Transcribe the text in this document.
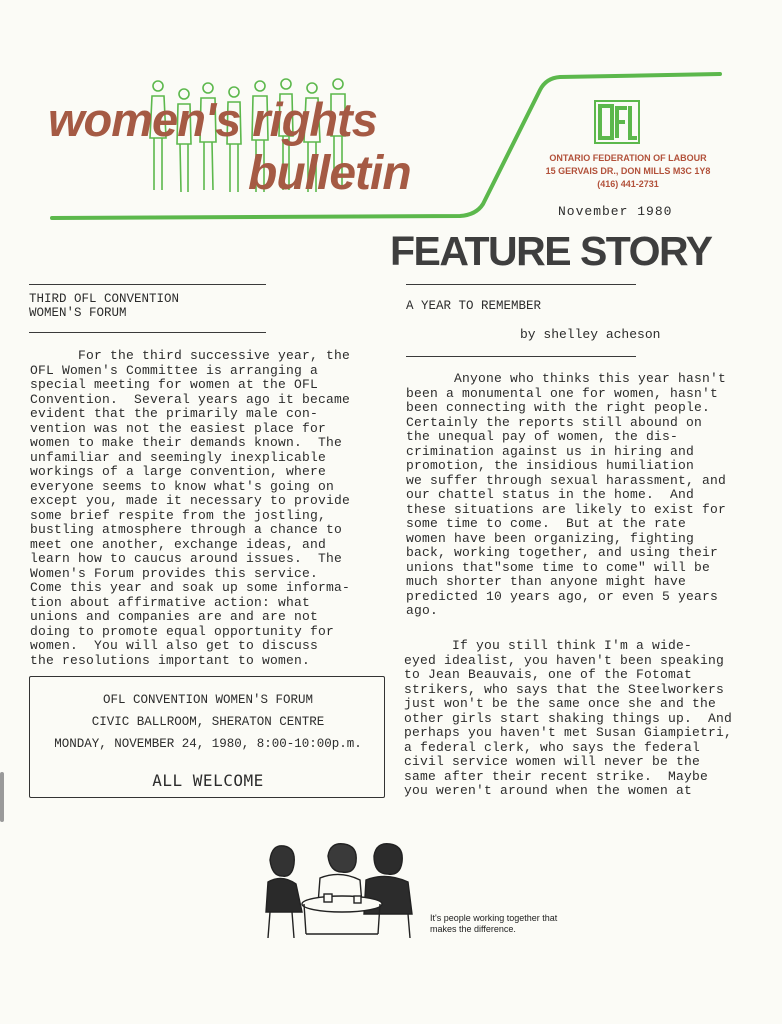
women's rights
bulletin
OFL
ONTARIO FEDERATION OF LABOUR
15 GERVAIS DR., DON MILLS M3C 1Y8
(416) 441-2731
November 1980
FEATURE STORY
THIRD OFL CONVENTION
WOMEN'S FORUM
For the third successive year, the
OFL Women's Committee is arranging a
special meeting for women at the OFL
Convention.  Several years ago it became
evident that the primarily male con-
vention was not the easiest place for
women to make their demands known.  The
unfamiliar and seemingly inexplicable
workings of a large convention, where
everyone seems to know what's going on
except you, made it necessary to provide
some brief respite from the jostling,
bustling atmosphere through a chance to
meet one another, exchange ideas, and
learn how to caucus around issues.  The
Women's Forum provides this service.
Come this year and soak up some informa-
tion about affirmative action: what
unions and companies are and are not
doing to promote equal opportunity for
women.  You will also get to discuss
the resolutions important to women.
OFL CONVENTION WOMEN'S FORUM
CIVIC BALLROOM, SHERATON CENTRE
MONDAY, NOVEMBER 24, 1980, 8:00-10:00p.m.
ALL WELCOME
A YEAR TO REMEMBER
by shelley acheson
Anyone who thinks this year hasn't
been a monumental one for women, hasn't
been connecting with the right people.
Certainly the reports still abound on
the unequal pay of women, the dis-
crimination against us in hiring and
promotion, the insidious humiliation
we suffer through sexual harassment, and
our chattel status in the home.  And
these situations are likely to exist for
some time to come.  But at the rate
women have been organizing, fighting
back, working together, and using their
unions that"some time to come" will be
much shorter than anyone might have
predicted 10 years ago, or even 5 years
ago.
If you still think I'm a wide-
eyed idealist, you haven't been speaking
to Jean Beauvais, one of the Fotomat
strikers, who says that the Steelworkers
just won't be the same once she and the
other girls start shaking things up.  And
perhaps you haven't met Susan Giampietri,
a federal clerk, who says the federal
civil service women will never be the
same after their recent strike.  Maybe
you weren't around when the women at
It's people working together that
makes the difference.
